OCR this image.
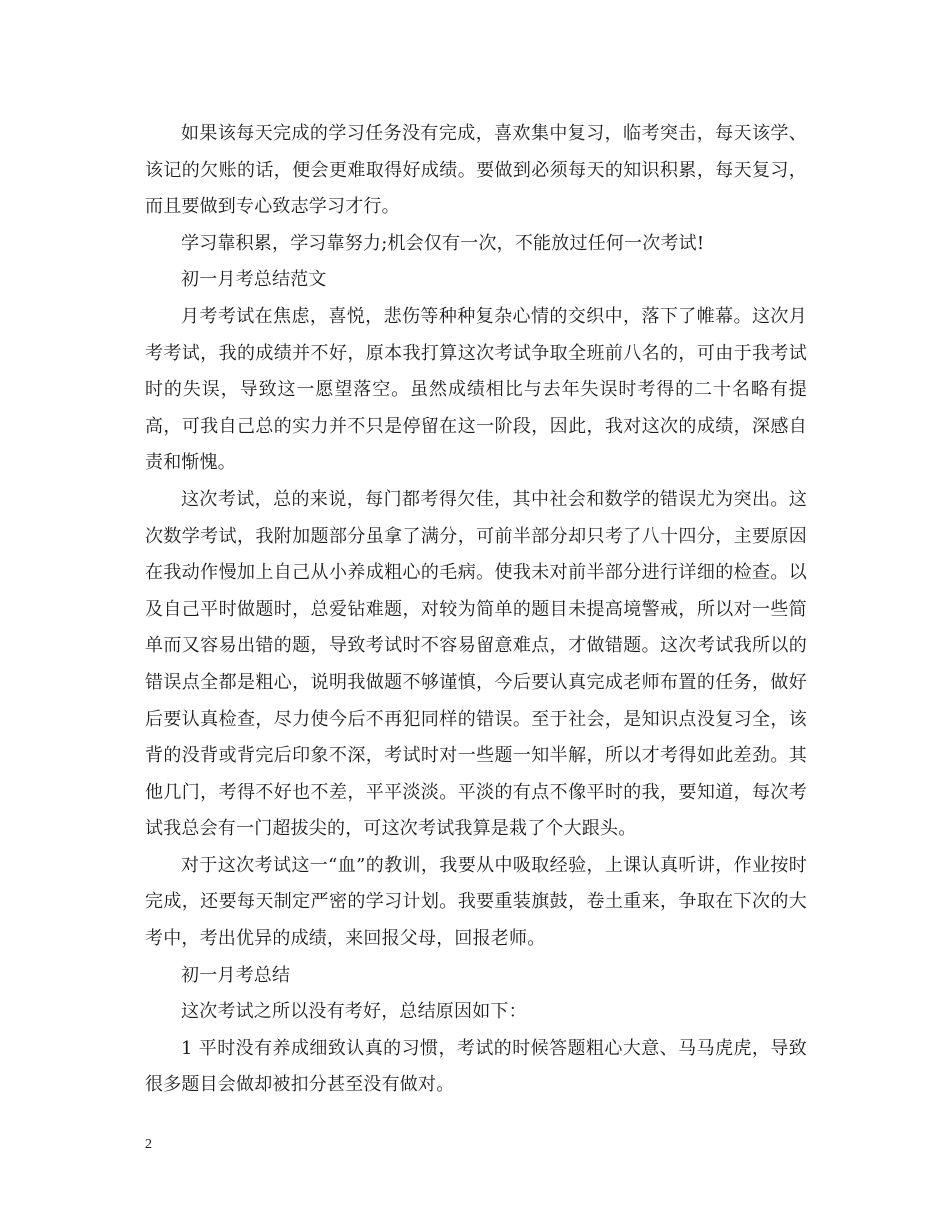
如果该每天完成的学习任务没有完成，喜欢集中复习，临考突击，每天该学、该记的欠账的话，便会更难取得好成绩。要做到必须每天的知识积累，每天复习，而且要做到专心致志学习才行。

学习靠积累，学习靠努力;机会仅有一次，不能放过任何一次考试!

初一月考总结范文

月考考试在焦虑，喜悦，悲伤等种种复杂心情的交织中，落下了帷幕。这次月考考试，我的成绩并不好，原本我打算这次考试争取全班前八名的，可由于我考试时的失误，导致这一愿望落空。虽然成绩相比与去年失误时考得的二十名略有提高，可我自己总的实力并不只是停留在这一阶段，因此，我对这次的成绩，深感自责和惭愧。

这次考试，总的来说，每门都考得欠佳，其中社会和数学的错误尤为突出。这次数学考试，我附加题部分虽拿了满分，可前半部分却只考了八十四分，主要原因在我动作慢加上自己从小养成粗心的毛病。使我未对前半部分进行详细的检查。以及自己平时做题时，总爱钻难题，对较为简单的题目未提高境警戒，所以对一些简单而又容易出错的题，导致考试时不容易留意难点，才做错题。这次考试我所以的错误点全都是粗心，说明我做题不够谨慎，今后要认真完成老师布置的任务，做好后要认真检查，尽力使今后不再犯同样的错误。至于社会，是知识点没复习全，该背的没背或背完后印象不深，考试时对一些题一知半解，所以才考得如此差劲。其他几门，考得不好也不差，平平淡淡。平淡的有点不像平时的我，要知道，每次考试我总会有一门超拔尖的，可这次考试我算是栽了个大跟头。

对于这次考试这一“血”的教训，我要从中吸取经验，上课认真听讲，作业按时完成，还要每天制定严密的学习计划。我要重装旗鼓，卷土重来，争取在下次的大考中，考出优异的成绩，来回报父母，回报老师。

初一月考总结

这次考试之所以没有考好，总结原因如下：

1 平时没有养成细致认真的习惯，考试的时候答题粗心大意、马马虎虎，导致很多题目会做却被扣分甚至没有做对。

2
